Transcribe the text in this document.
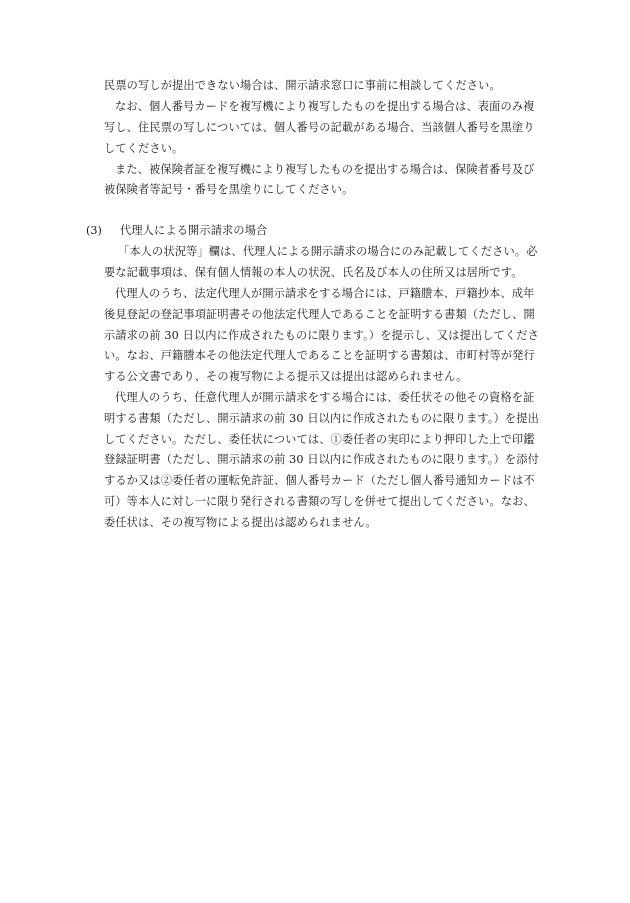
民票の写しが提出できない場合は、開示請求窓口に事前に相談してください。
なお、個人番号カードを複写機により複写したものを提出する場合は、表面のみ複
写し、住民票の写しについては、個人番号の記載がある場合、当該個人番号を黒塗り
してください。
また、被保険者証を複写機により複写したものを提出する場合は、保険者番号及び
被保険者等記号・番号を黒塗りにしてください。
(3) 代理人による開示請求の場合
「本人の状況等」欄は、代理人による開示請求の場合にのみ記載してください。必
要な記載事項は、保有個人情報の本人の状況、氏名及び本人の住所又は居所です。
代理人のうち、法定代理人が開示請求をする場合には、戸籍謄本、戸籍抄本、成年
後見登記の登記事項証明書その他法定代理人であることを証明する書類（ただし、開
示請求の前 30 日以内に作成されたものに限ります。）を提示し、又は提出してくださ
い。なお、戸籍謄本その他法定代理人であることを証明する書類は、市町村等が発行
する公文書であり、その複写物による提示又は提出は認められません。
代理人のうち、任意代理人が開示請求をする場合には、委任状その他その資格を証
明する書類（ただし、開示請求の前 30 日以内に作成されたものに限ります。）を提出
してください。ただし、委任状については、①委任者の実印により押印した上で印鑑
登録証明書（ただし、開示請求の前 30 日以内に作成されたものに限ります。）を添付
するか又は②委任者の運転免許証、個人番号カード（ただし個人番号通知カードは不
可）等本人に対し一に限り発行される書類の写しを併せて提出してください。なお、
委任状は、その複写物による提出は認められません。
